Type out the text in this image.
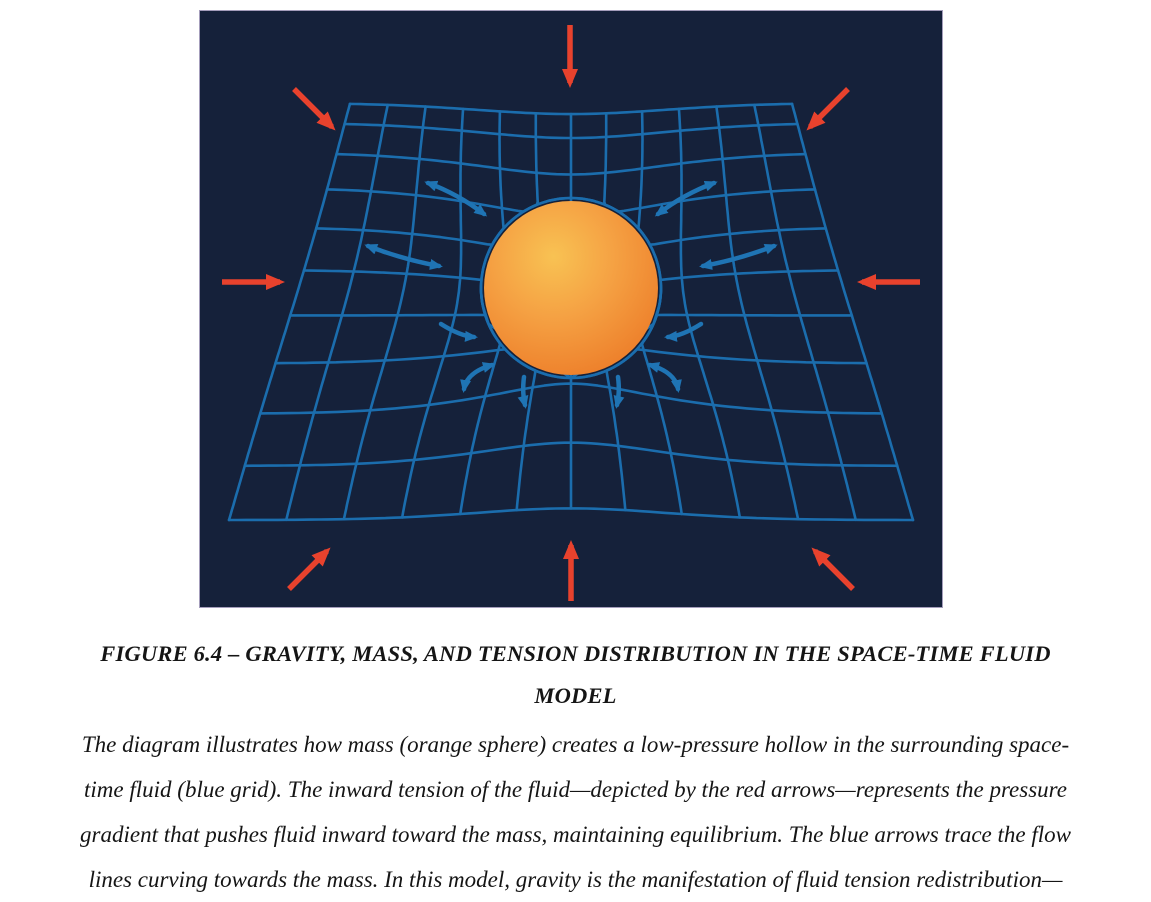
FIGURE 6.4 – GRAVITY, MASS, AND TENSION DISTRIBUTION IN THE SPACE-TIME FLUID
MODEL

The diagram illustrates how mass (orange sphere) creates a low-pressure hollow in the surrounding space-

time fluid (blue grid). The inward tension of the fluid—depicted by the red arrows—represents the pressure

gradient that pushes fluid inward toward the mass, maintaining equilibrium. The blue arrows trace the flow

lines curving towards the mass. In this model, gravity is the manifestation of fluid tension redistribution—
